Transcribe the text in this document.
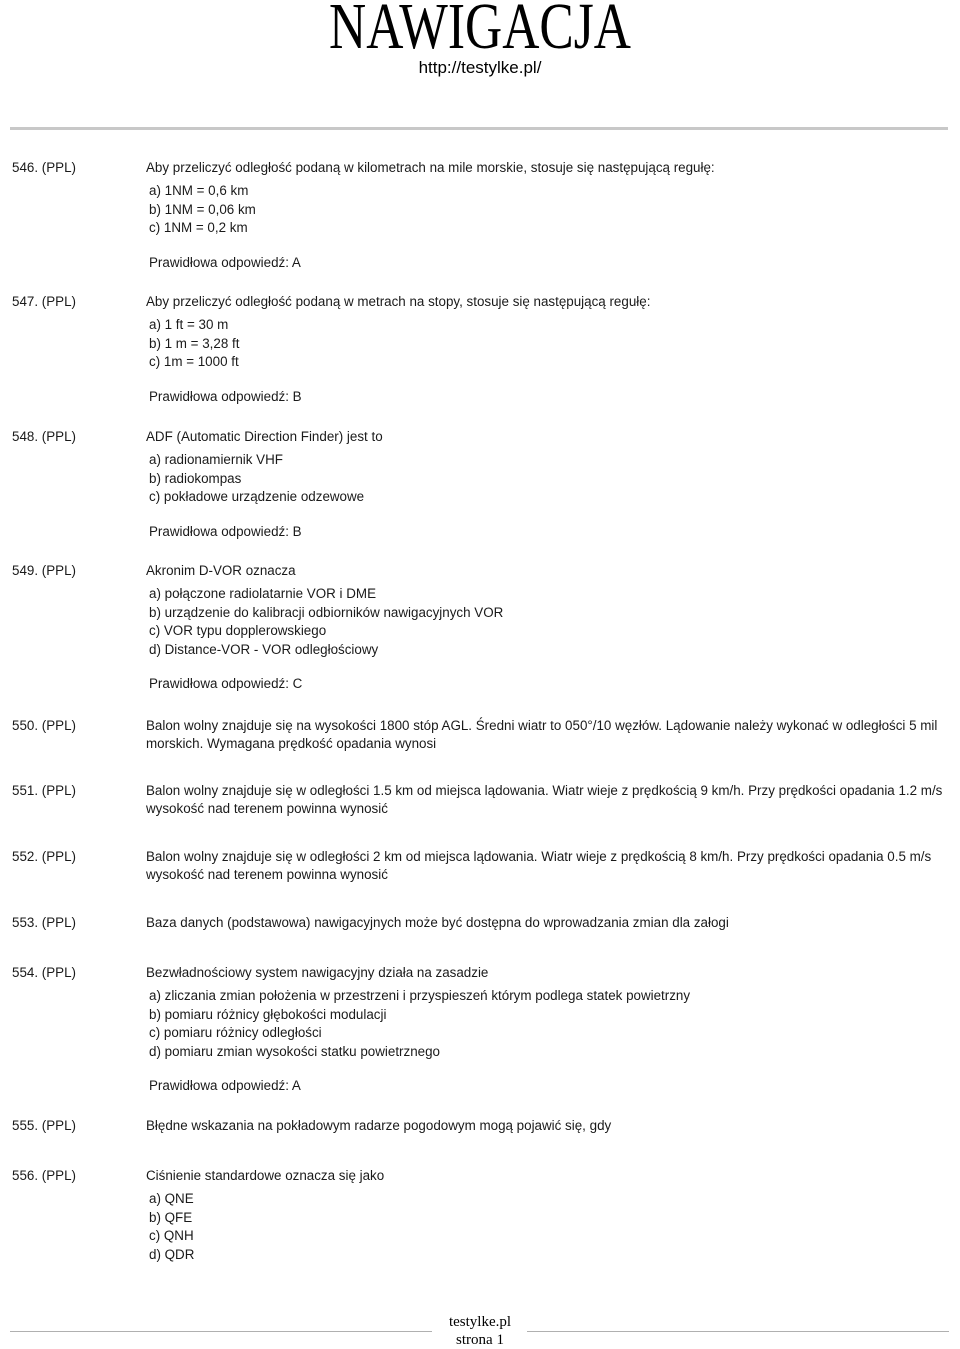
NAWIGACJA
http://testylke.pl/
546. (PPL)	Aby przeliczyć odległość podaną w kilometrach na mile morskie, stosuje się następującą regułę:
a) 1NM = 0,6 km
b) 1NM = 0,06 km
c) 1NM = 0,2 km
Prawidłowa odpowiedź: A
547. (PPL)	Aby przeliczyć odległość podaną w metrach na stopy, stosuje się następującą regułę:
a) 1 ft = 30 m
b) 1 m = 3,28 ft
c) 1m = 1000 ft
Prawidłowa odpowiedź: B
548. (PPL)	ADF (Automatic Direction Finder) jest to
a) radionamiernik VHF
b) radiokompas
c) pokładowe urządzenie odzewowe
Prawidłowa odpowiedź: B
549. (PPL)	Akronim D-VOR oznacza
a) połączone radiolatarnie VOR i DME
b) urządzenie do kalibracji odbiorników nawigacyjnych VOR
c) VOR typu dopplerowskiego
d) Distance-VOR - VOR odległościowy
Prawidłowa odpowiedź: C
550. (PPL)	Balon wolny znajduje się na wysokości 1800 stóp AGL. Średni wiatr to 050°/10 węzłów. Lądowanie należy wykonać w odległości 5 mil morskich. Wymagana prędkość opadania wynosi
551. (PPL)	Balon wolny znajduje się w odległości 1.5 km od miejsca lądowania. Wiatr wieje z prędkością 9 km/h. Przy prędkości opadania 1.2 m/s wysokość nad terenem powinna wynosić
552. (PPL)	Balon wolny znajduje się w odległości 2 km od miejsca lądowania. Wiatr wieje z prędkością 8 km/h. Przy prędkości opadania 0.5 m/s wysokość nad terenem powinna wynosić
553. (PPL)	Baza danych (podstawowa) nawigacyjnych może być dostępna do wprowadzania zmian dla załogi
554. (PPL)	Bezwładnościowy system nawigacyjny działa na zasadzie
a) zliczania zmian położenia w przestrzeni i przyspieszeń którym podlega statek powietrzny
b) pomiaru różnicy głębokości modulacji
c) pomiaru różnicy odległości
d) pomiaru zmian wysokości statku powietrznego
Prawidłowa odpowiedź: A
555. (PPL)	Błędne wskazania na pokładowym radarze pogodowym mogą pojawić się, gdy
556. (PPL)	Ciśnienie standardowe oznacza się jako
a) QNE
b) QFE
c) QNH
d) QDR
testylke.pl
strona 1
